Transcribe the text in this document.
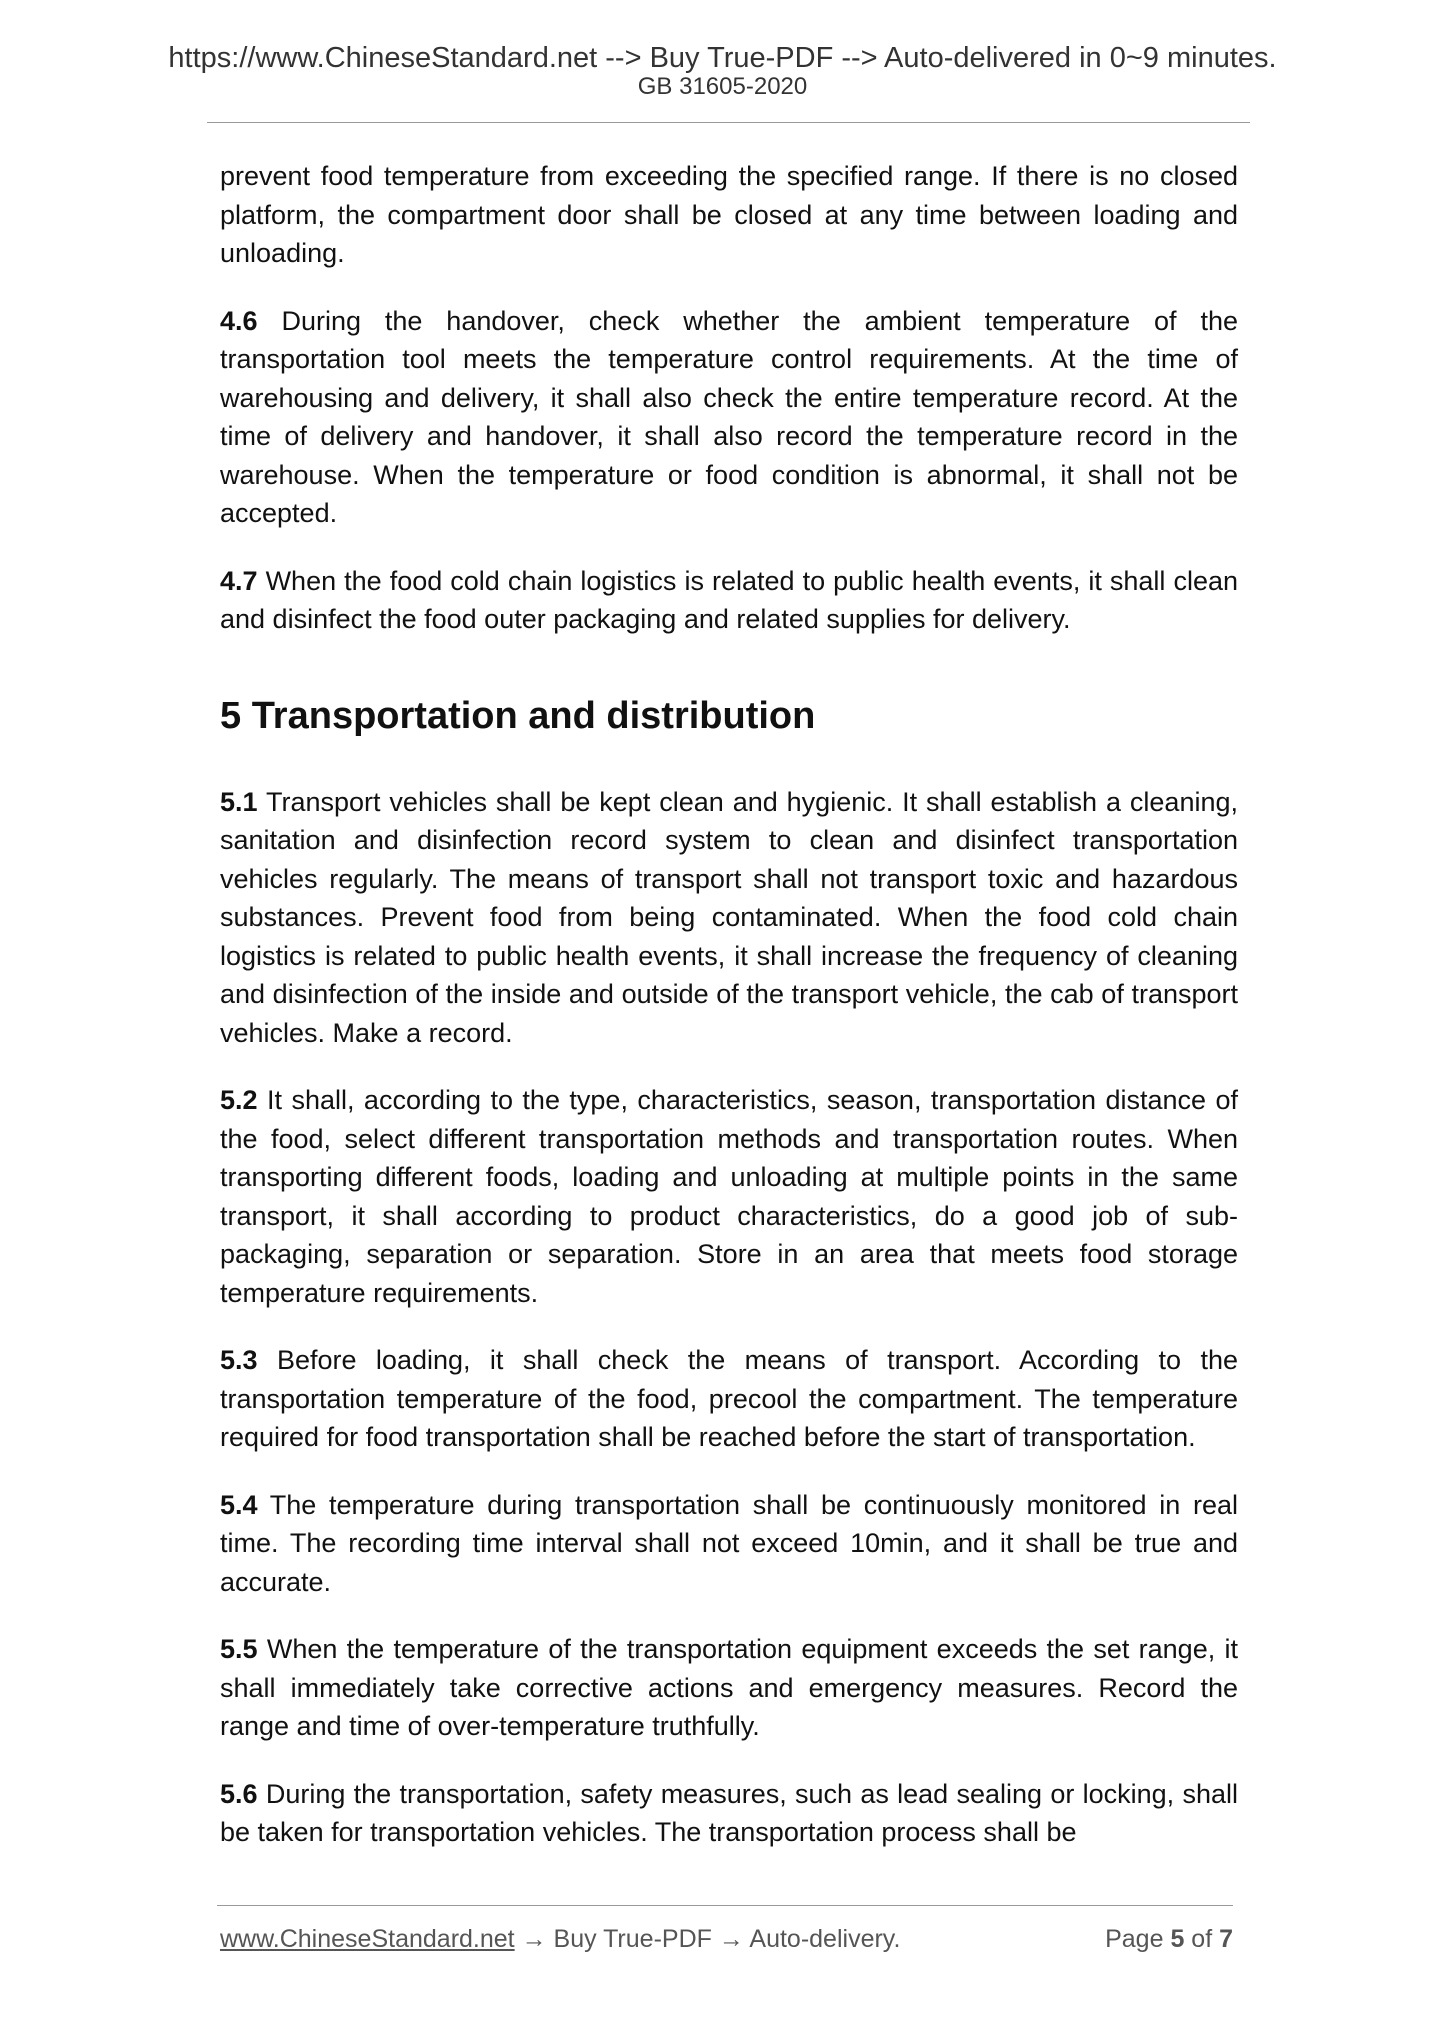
https://www.ChineseStandard.net --> Buy True-PDF --> Auto-delivered in 0~9 minutes.
GB 31605-2020

prevent food temperature from exceeding the specified range. If there is no closed platform, the compartment door shall be closed at any time between loading and unloading.

4.6 During the handover, check whether the ambient temperature of the transportation tool meets the temperature control requirements. At the time of warehousing and delivery, it shall also check the entire temperature record. At the time of delivery and handover, it shall also record the temperature record in the warehouse. When the temperature or food condition is abnormal, it shall not be accepted.

4.7 When the food cold chain logistics is related to public health events, it shall clean and disinfect the food outer packaging and related supplies for delivery.

5 Transportation and distribution

5.1 Transport vehicles shall be kept clean and hygienic. It shall establish a cleaning, sanitation and disinfection record system to clean and disinfect transportation vehicles regularly. The means of transport shall not transport toxic and hazardous substances. Prevent food from being contaminated. When the food cold chain logistics is related to public health events, it shall increase the frequency of cleaning and disinfection of the inside and outside of the transport vehicle, the cab of transport vehicles. Make a record.

5.2 It shall, according to the type, characteristics, season, transportation distance of the food, select different transportation methods and transportation routes. When transporting different foods, loading and unloading at multiple points in the same transport, it shall according to product characteristics, do a good job of sub-packaging, separation or separation. Store in an area that meets food storage temperature requirements.

5.3 Before loading, it shall check the means of transport. According to the transportation temperature of the food, precool the compartment. The temperature required for food transportation shall be reached before the start of transportation.

5.4 The temperature during transportation shall be continuously monitored in real time. The recording time interval shall not exceed 10min, and it shall be true and accurate.

5.5 When the temperature of the transportation equipment exceeds the set range, it shall immediately take corrective actions and emergency measures. Record the range and time of over-temperature truthfully.

5.6 During the transportation, safety measures, such as lead sealing or locking, shall be taken for transportation vehicles. The transportation process shall be

www.ChineseStandard.net → Buy True-PDF → Auto-delivery.	Page 5 of 7
